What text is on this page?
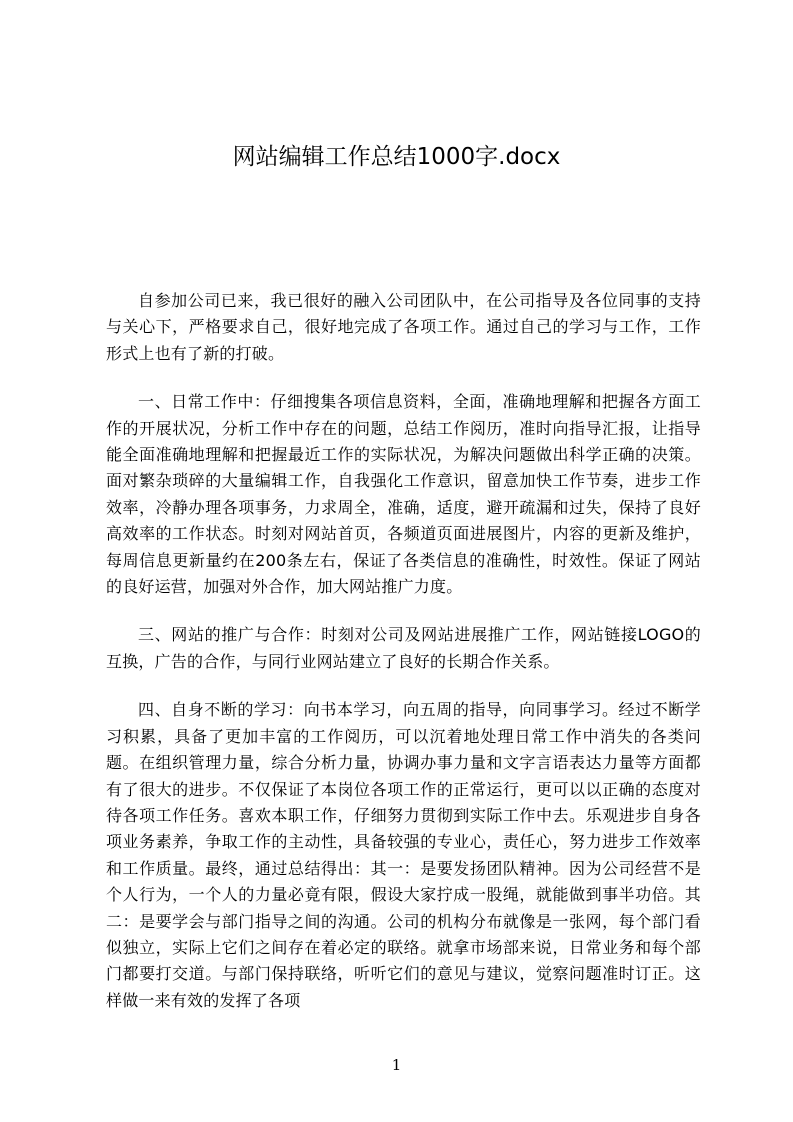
网站编辑工作总结1000字.docx

自参加公司已来，我已很好的融入公司团队中，在公司指导及各位同事的支持与关心下，严格要求自己，很好地完成了各项工作。通过自己的学习与工作，工作形式上也有了新的打破。

一、日常工作中：仔细搜集各项信息资料，全面，准确地理解和把握各方面工作的开展状况，分析工作中存在的问题，总结工作阅历，准时向指导汇报，让指导能全面准确地理解和把握最近工作的实际状况，为解决问题做出科学正确的决策。面对繁杂琐碎的大量编辑工作，自我强化工作意识，留意加快工作节奏，进步工作效率，冷静办理各项事务，力求周全，准确，适度，避开疏漏和过失，保持了良好高效率的工作状态。时刻对网站首页，各频道页面进展图片，内容的更新及维护，每周信息更新量约在200条左右，保证了各类信息的准确性，时效性。保证了网站的良好运营，加强对外合作，加大网站推广力度。

三、网站的推广与合作：时刻对公司及网站进展推广工作，网站链接LOGO的互换，广告的合作，与同行业网站建立了良好的长期合作关系。

四、自身不断的学习：向书本学习，向五周的指导，向同事学习。经过不断学习积累，具备了更加丰富的工作阅历，可以沉着地处理日常工作中消失的各类问题。在组织管理力量，综合分析力量，协调办事力量和文字言语表达力量等方面都有了很大的进步。不仅保证了本岗位各项工作的正常运行，更可以以正确的态度对待各项工作任务。喜欢本职工作，仔细努力贯彻到实际工作中去。乐观进步自身各项业务素养，争取工作的主动性，具备较强的专业心，责任心，努力进步工作效率和工作质量。最终，通过总结得出：其一：是要发扬团队精神。因为公司经营不是个人行为，一个人的力量必竟有限，假设大家拧成一股绳，就能做到事半功倍。其二：是要学会与部门指导之间的沟通。公司的机构分布就像是一张网，每个部门看似独立，实际上它们之间存在着必定的联络。就拿市场部来说，日常业务和每个部门都要打交道。与部门保持联络，听听它们的意见与建议，觉察问题准时订正。这样做一来有效的发挥了各项

1
